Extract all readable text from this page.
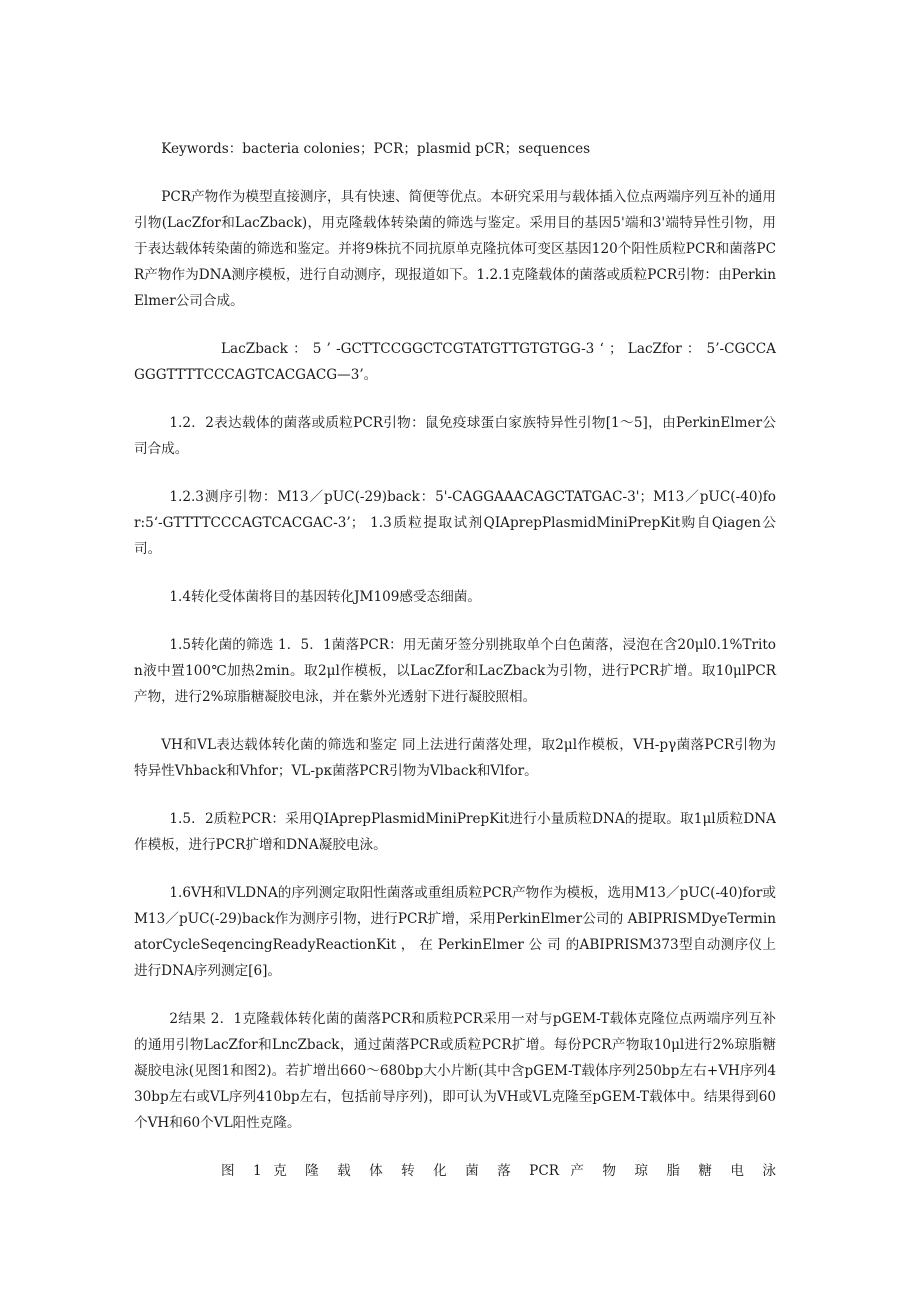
Keywords：bacteria colonies；PCR；plasmid pCR；sequences

PCR产物作为模型直接测序，具有快速、简便等优点。本研究采用与载体插入位点两端序列互补的通用引物(LacZfor和LacZback)，用克隆载体转染菌的筛选与鉴定。采用目的基因5'端和3'端特异性引物，用于表达载体转染菌的筛选和鉴定。并将9株抗不同抗原单克隆抗体可变区基因120个阳性质粒PCR和菌落PCR产物作为DNA测序模板，进行自动测序，现报道如下。1.2.1克隆载体的菌落或质粒PCR引物：由PerkinElmer公司合成。

LacZback ： 5 ’ -GCTTCCGGCTCGTATGTTGTGTGG-3 ‘ ； LacZfor ： 5’-CGCCAGGGTTTTCCCAGTCACGACG—3’。

1.2．2表达载体的菌落或质粒PCR引物：鼠免疫球蛋白家族特异性引物[1～5]，由PerkinElmer公司合成。

1.2.3测序引物：M13／pUC(-29)back：5'-CAGGAAACAGCTATGAC-3'；M13／pUC(-40)for:5‘-GTTTTCCCAGTCACGAC-3’； 1.3质粒提取试剂QIAprepPlasmidMiniPrepKit购自Qiagen公司。

1.4转化受体菌将目的基因转化JM109感受态细菌。

1.5转化菌的筛选 1．5．1菌落PCR：用无菌牙签分别挑取单个白色菌落，浸泡在含20μl0.1%Triton液中置100℃加热2min。取2μl作模板，以LacZfor和LacZback为引物，进行PCR扩增。取10μlPCR产物，进行2%琼脂糖凝胶电泳，并在紫外光透射下进行凝胶照相。

VH和VL表达载体转化菌的筛选和鉴定 同上法进行菌落处理，取2μl作模板，VH-pγ菌落PCR引物为特异性Vhback和Vhfor；VL-pκ菌落PCR引物为Vlback和Vlfor。

1.5．2质粒PCR：采用QIAprepPlasmidMiniPrepKit进行小量质粒DNA的提取。取1μl质粒DNA作模板，进行PCR扩增和DNA凝胶电泳。

1.6VH和VLDNA的序列测定取阳性菌落或重组质粒PCR产物作为模板，选用M13／pUC(-40)for或M13／pUC(-29)back作为测序引物，进行PCR扩增，采用PerkinElmer公司的 ABIPRISMDyeTerminatorCycleSeqencingReadyReactionKit ， 在 PerkinElmer 公 司 的ABIPRISM373型自动测序仪上进行DNA序列测定[6]。

2结果 2．1克隆载体转化菌的菌落PCR和质粒PCR采用一对与pGEM-T载体克隆位点两端序列互补的通用引物LacZfor和LncZback，通过菌落PCR或质粒PCR扩增。每份PCR产物取10μl进行2%琼脂糖凝胶电泳(见图1和图2)。若扩增出660～680bp大小片断(其中含pGEM-T载体序列250bp左右+VH序列430bp左右或VL序列410bp左右，包括前导序列)，即可认为VH或VL克隆至pGEM-T载体中。结果得到60个VH和60个VL阳性克隆。

图 1 克 隆 载 体 转 化 菌 落 PCR 产 物 琼 脂 糖 电 泳
